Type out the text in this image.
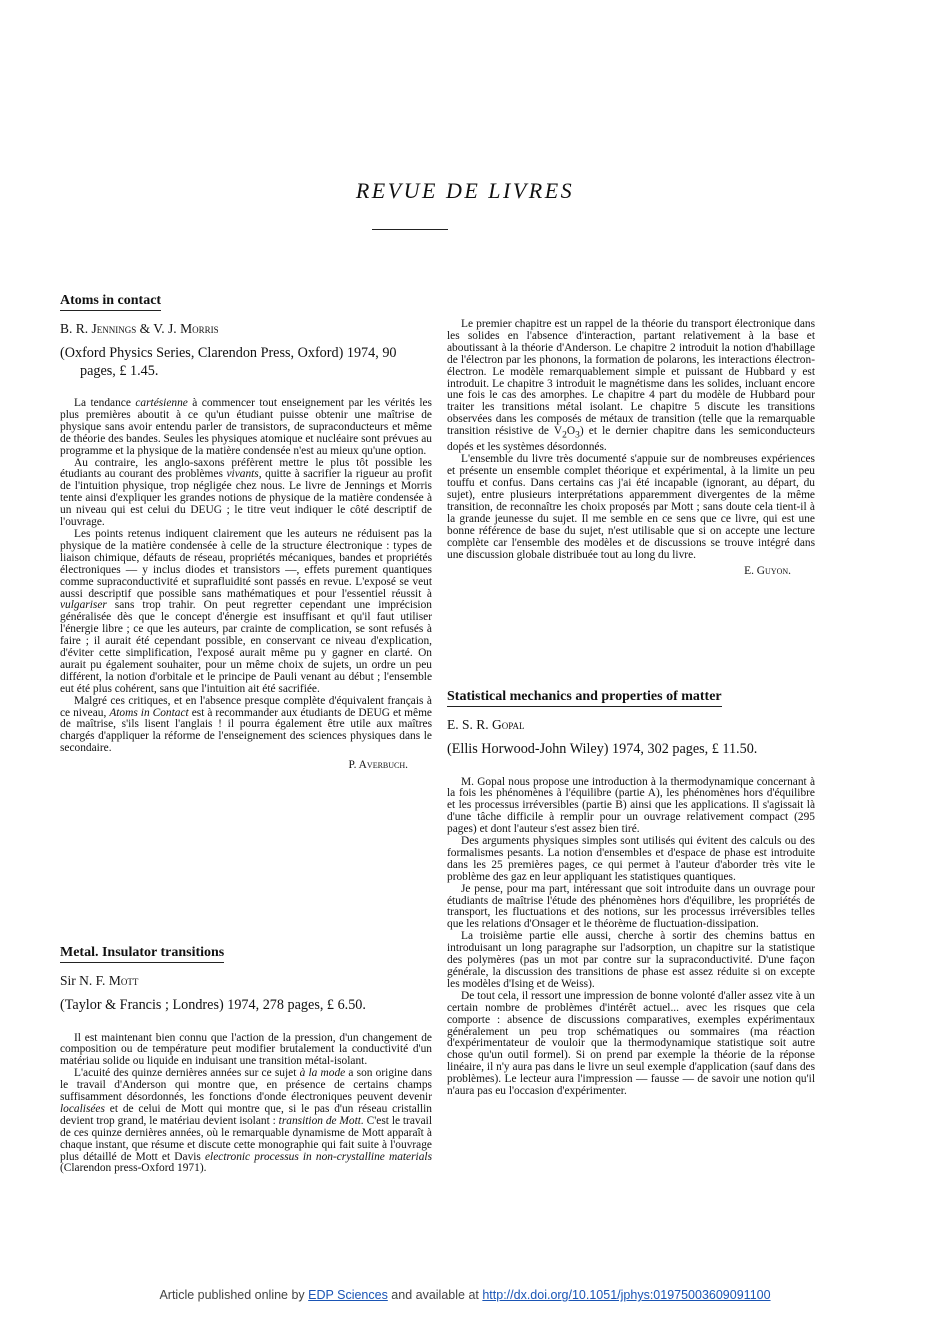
REVUE DE LIVRES
Atoms in contact

B. R. Jennings & V. J. Morris

(Oxford Physics Series, Clarendon Press, Oxford) 1974, 90 pages, £ 1.45.

La tendance cartésienne à commencer tout enseignement par les vérités les plus premières aboutit à ce qu'un étudiant puisse obtenir une maîtrise de physique sans avoir entendu parler de transistors, de supraconducteurs et même de théorie des bandes. Seules les physiques atomique et nucléaire sont prévues au programme et la physique de la matière condensée n'est au mieux qu'une option.

Au contraire, les anglo-saxons préfèrent mettre le plus tôt possible les étudiants au courant des problèmes vivants, quitte à sacrifier la rigueur au profit de l'intuition physique, trop négligée chez nous. Le livre de Jennings et Morris tente ainsi d'expliquer les grandes notions de physique de la matière condensée à un niveau qui est celui du DEUG ; le titre veut indiquer le côté descriptif de l'ouvrage.

Les points retenus indiquent clairement que les auteurs ne réduisent pas la physique de la matière condensée à celle de la structure électronique : types de liaison chimique, défauts de réseau, propriétés mécaniques, bandes et propriétés électroniques — y inclus diodes et transistors —, effets purement quantiques comme supraconductivité et suprafluidité sont passés en revue. L'exposé se veut aussi descriptif que possible sans mathématiques et pour l'essentiel réussit à vulgariser sans trop trahir. On peut regretter cependant une imprécision généralisée dès que le concept d'énergie est insuffisant et qu'il faut utiliser l'énergie libre ; ce que les auteurs, par crainte de complication, se sont refusés à faire ; il aurait été cependant possible, en conservant ce niveau d'explication, d'éviter cette simplification, l'exposé aurait même pu y gagner en clarté. On aurait pu également souhaiter, pour un même choix de sujets, un ordre un peu différent, la notion d'orbitale et le principe de Pauli venant au début ; l'ensemble eut été plus cohérent, sans que l'intuition ait été sacrifiée.

Malgré ces critiques, et en l'absence presque complète d'équivalent français à ce niveau, Atoms in Contact est à recommander aux étudiants de DEUG et même de maîtrise, s'ils lisent l'anglais ! il pourra également être utile aux maîtres chargés d'appliquer la réforme de l'enseignement des sciences physiques dans le secondaire.

P. Averbuch.

Metal. Insulator transitions

Sir N. F. Mott

(Taylor & Francis ; Londres) 1974, 278 pages, £ 6.50.

Il est maintenant bien connu que l'action de la pression, d'un changement de composition ou de température peut modifier brutalement la conductivité d'un matériau solide ou liquide en induisant une transition métal-isolant.

L'acuité des quinze dernières années sur ce sujet à la mode a son origine dans le travail d'Anderson qui montre que, en présence de certains champs suffisamment désordonnés, les fonctions d'onde électroniques peuvent devenir localisées et de celui de Mott qui montre que, si le pas d'un réseau cristallin devient trop grand, le matériau devient isolant : transition de Mott. C'est le travail de ces quinze dernières années, où le remarquable dynamisme de Mott apparaît à chaque instant, que résume et discute cette monographie qui fait suite à l'ouvrage plus détaillé de Mott et Davis electronic processus in non-crystalline materials (Clarendon press-Oxford 1971).

Le premier chapitre est un rappel de la théorie du transport électronique dans les solides en l'absence d'interaction, partant relativement à la base et aboutissant à la théorie d'Anderson. Le chapitre 2 introduit la notion d'habillage de l'électron par les phonons, la formation de polarons, les interactions électron-électron. Le modèle remarquablement simple et puissant de Hubbard y est introduit. Le chapitre 3 introduit le magnétisme dans les solides, incluant encore une fois le cas des amorphes. Le chapitre 4 part du modèle de Hubbard pour traiter les transitions métal isolant. Le chapitre 5 discute les transitions observées dans les composés de métaux de transition (telle que la remarquable transition résistive de $V_2O_3$) et le dernier chapitre dans les semiconducteurs dopés et les systèmes désordonnés.

L'ensemble du livre très documenté s'appuie sur de nombreuses expériences et présente un ensemble complet théorique et expérimental, à la limite un peu touffu et confus. Dans certains cas j'ai été incapable (ignorant, au départ, du sujet), entre plusieurs interprétations apparemment divergentes de la même transition, de reconnaître les choix proposés par Mott ; sans doute cela tient-il à la grande jeunesse du sujet. Il me semble en ce sens que ce livre, qui est une bonne référence de base du sujet, n'est utilisable que si on accepte une lecture complète car l'ensemble des modèles et de discussions se trouve intégré dans une discussion globale distribuée tout au long du livre.

E. Guyon.

Statistical mechanics and properties of matter

E. S. R. Gopal

(Ellis Horwood-John Wiley) 1974, 302 pages, £ 11.50.

M. Gopal nous propose une introduction à la thermodynamique concernant à la fois les phénomènes à l'équilibre (partie A), les phénomènes hors d'équilibre et les processus irréversibles (partie B) ainsi que les applications. Il s'agissait là d'une tâche difficile à remplir pour un ouvrage relativement compact (295 pages) et dont l'auteur s'est assez bien tiré.

Des arguments physiques simples sont utilisés qui évitent des calculs ou des formalismes pesants. La notion d'ensembles et d'espace de phase est introduite dans les 25 premières pages, ce qui permet à l'auteur d'aborder très vite le problème des gaz en leur appliquant les statistiques quantiques.

Je pense, pour ma part, intéressant que soit introduite dans un ouvrage pour étudiants de maîtrise l'étude des phénomènes hors d'équilibre, les propriétés de transport, les fluctuations et des notions, sur les processus irréversibles telles que les relations d'Onsager et le théorème de fluctuation-dissipation.

La troisième partie elle aussi, cherche à sortir des chemins battus en introduisant un long paragraphe sur l'adsorption, un chapitre sur la statistique des polymères (pas un mot par contre sur la supraconductivité. D'une façon générale, la discussion des transitions de phase est assez réduite si on excepte les modèles d'Ising et de Weiss).

De tout cela, il ressort une impression de bonne volonté d'aller assez vite à un certain nombre de problèmes d'intérêt actuel... avec les risques que cela comporte : absence de discussions comparatives, exemples expérimentaux généralement un peu trop schématiques ou sommaires (ma réaction d'expérimentateur de vouloir que la thermodynamique statistique soit autre chose qu'un outil formel). Si on prend par exemple la théorie de la réponse linéaire, il n'y aura pas dans le livre un seul exemple d'application (sauf dans des problèmes). Le lecteur aura l'impression — fausse — de savoir une notion qu'il n'aura pas eu l'occasion d'expérimenter.

Article published online by EDP Sciences and available at http://dx.doi.org/10.1051/jphys:01975003609091100
